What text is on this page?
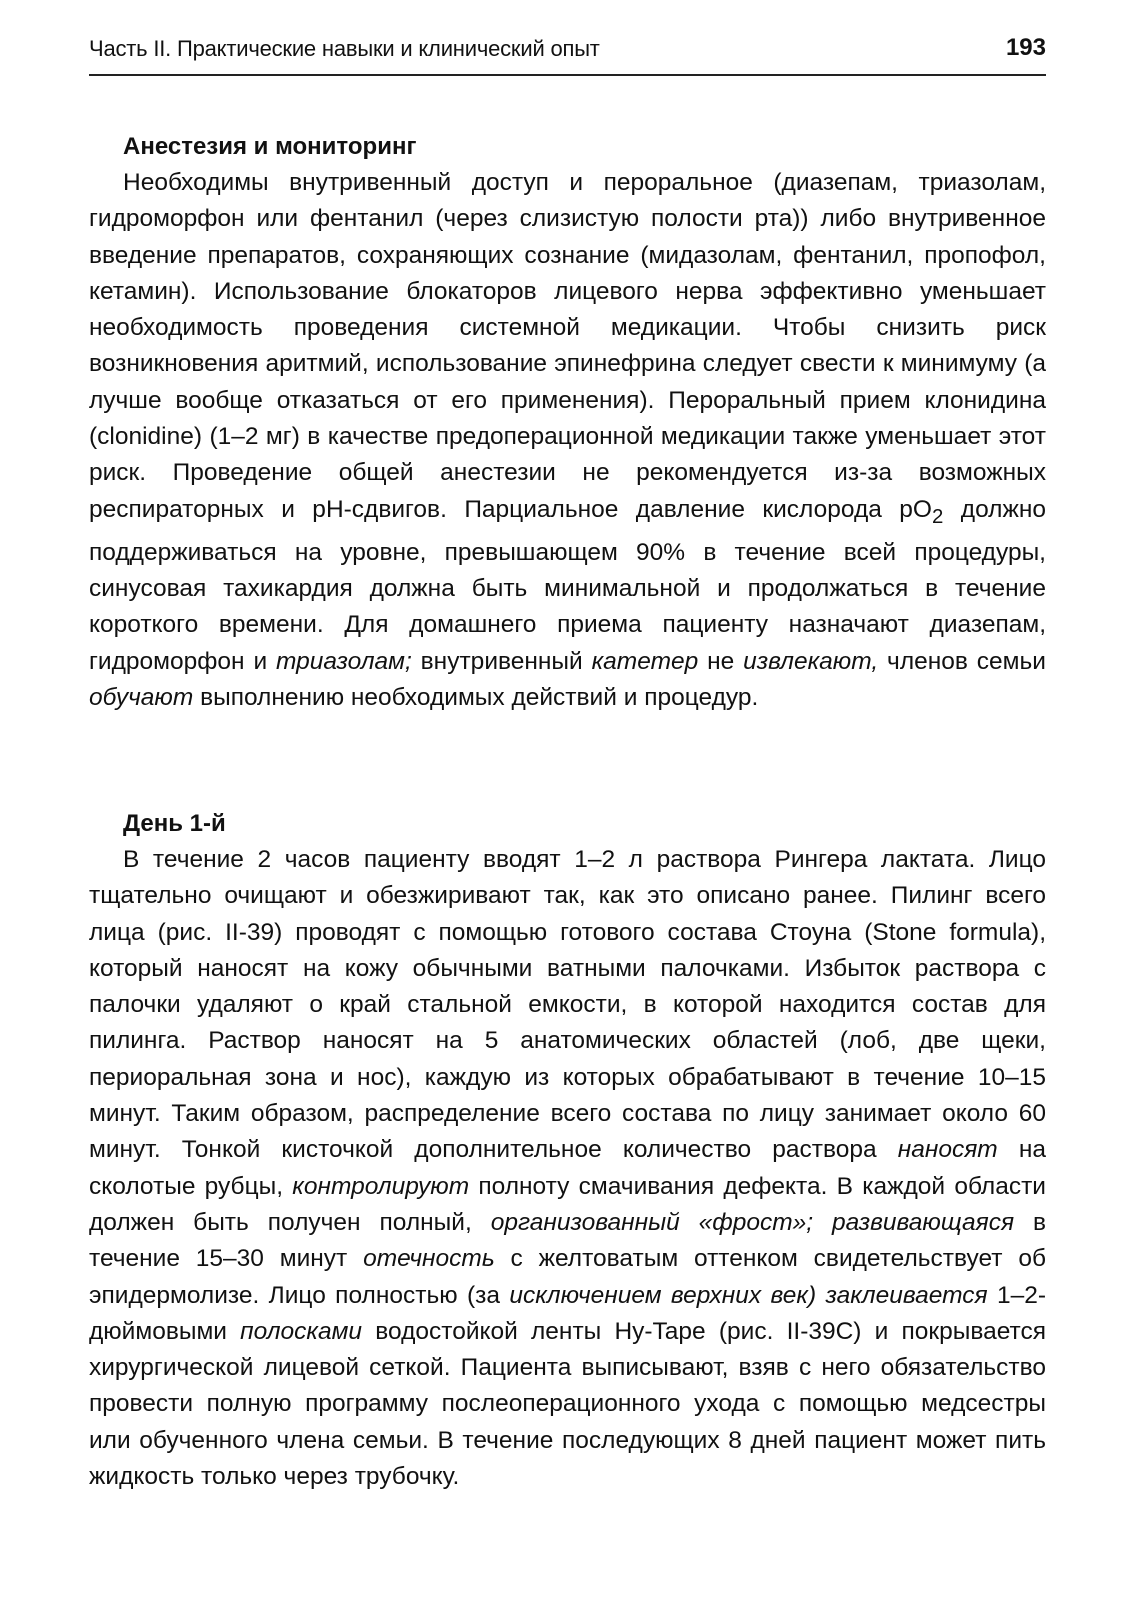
Часть II. Практические навыки и клинический опыт	193
Анестезия и мониторинг

Необходимы внутривенный доступ и пероральное (диазепам, триазолам, гидроморфон или фентанил (через слизистую полости рта)) либо внутривенное введение препаратов, сохраняющих сознание (мидазолам, фентанил, пропофол, кетамин). Использование блокаторов лицевого нерва эффективно уменьшает необходимость проведения системной медикации. Чтобы снизить риск возникновения аритмий, использование эпинефрина следует свести к минимуму (а лучше вообще отказаться от его применения). Пероральный прием клонидина (clonidine) (1–2 мг) в качестве предоперационной медикации также уменьшает этот риск. Проведение общей анестезии не рекомендуется из-за возможных респираторных и pH-сдвигов. Парциальное давление кислорода $pO_2$ должно поддерживаться на уровне, превышающем 90% в течение всей процедуры, синусовая тахикардия должна быть минимальной и продолжаться в течение короткого времени. Для домашнего приема пациенту назначают диазепам, гидроморфон и триазолам; внутривенный катетер не извлекают, членов семьи обучают выполнению необходимых действий и процедур.

День 1-й

В течение 2 часов пациенту вводят 1–2 л раствора Рингера лактата. Лицо тщательно очищают и обезжиривают так, как это описано ранее. Пилинг всего лица (рис. II-39) проводят с помощью готового состава Стоуна (Stone formula), который наносят на кожу обычными ватными палочками. Избыток раствора с палочки удаляют о край стальной емкости, в которой находится состав для пилинга. Раствор наносят на 5 анатомических областей (лоб, две щеки, периоральная зона и нос), каждую из которых обрабатывают в течение 10–15 минут. Таким образом, распределение всего состава по лицу занимает около 60 минут. Тонкой кисточкой дополнительное количество раствора наносят на сколотые рубцы, контролируют полноту смачивания дефекта. В каждой области должен быть получен полный, организованный «фрост»; развивающаяся в течение 15–30 минут отечность с желтоватым оттенком свидетельствует об эпидермолизе. Лицо полностью (за исключением верхних век) заклеивается 1–2-дюймовыми полосками водостойкой ленты Hy-Tape (рис. II-39C) и покрывается хирургической лицевой сеткой. Пациента выписывают, взяв с него обязательство провести полную программу послеоперационного ухода с помощью медсестры или обученного члена семьи. В течение последующих 8 дней пациент может пить жидкость только через трубочку.
